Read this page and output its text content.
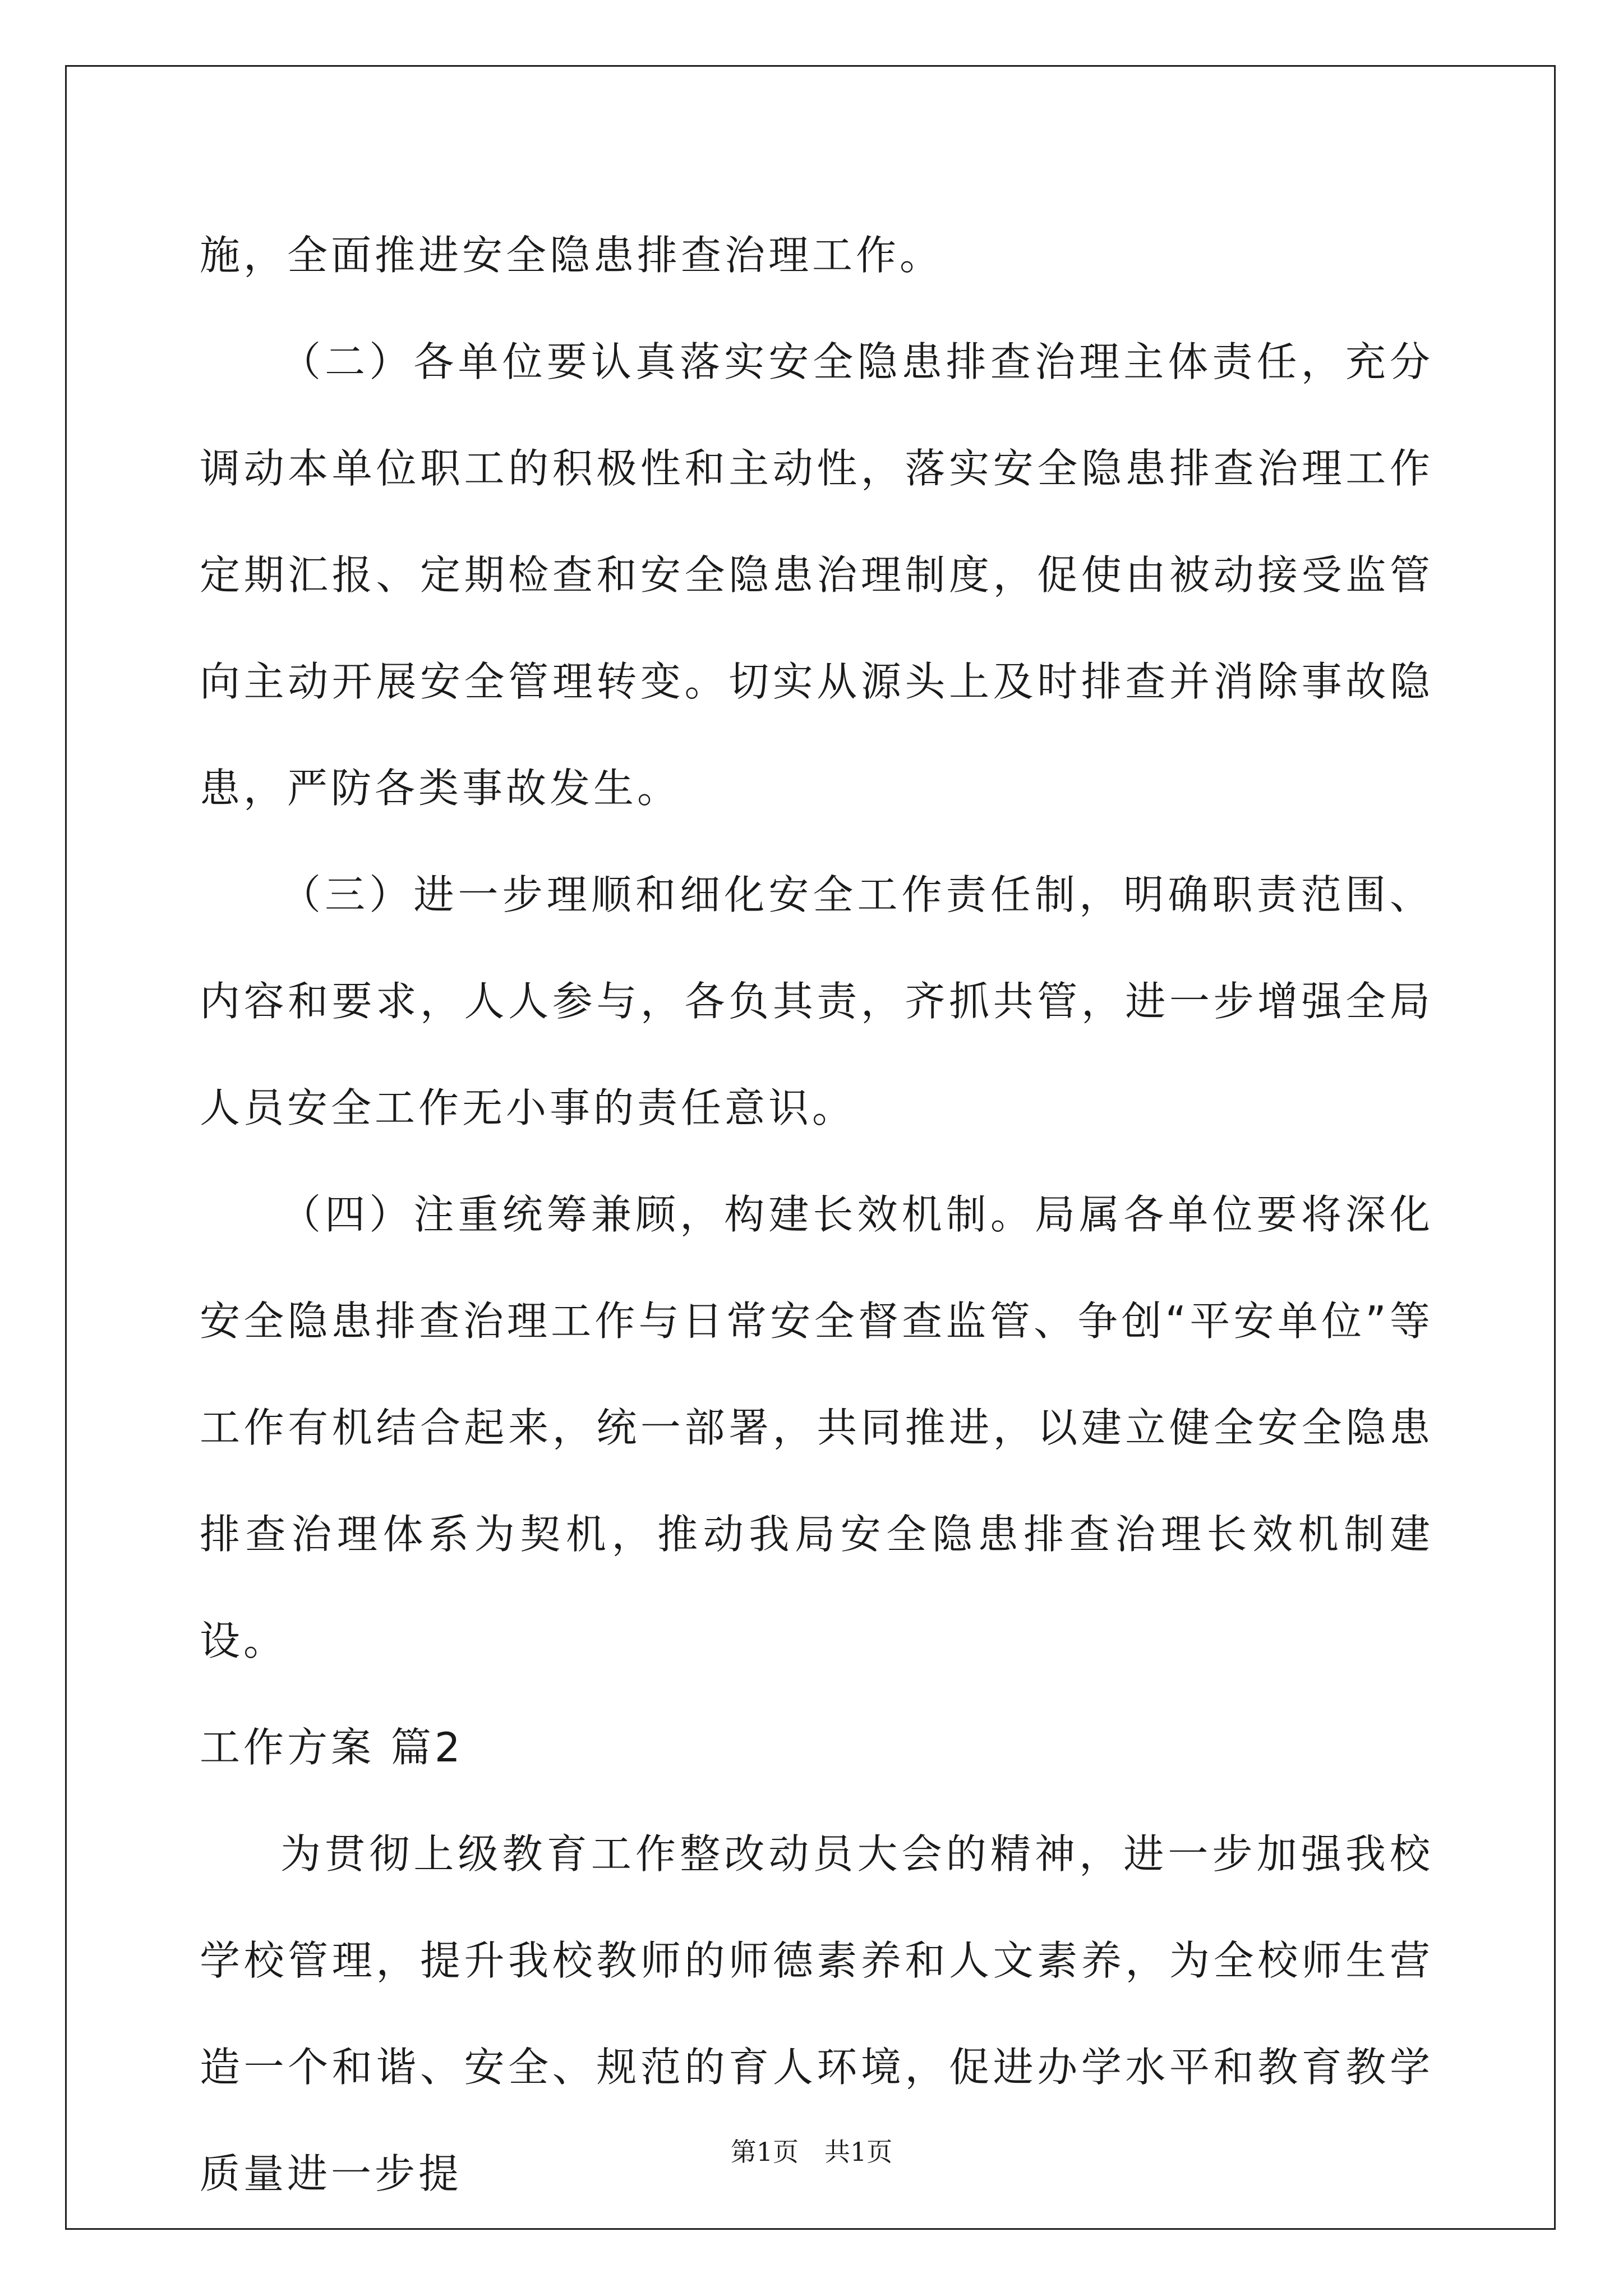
施，全面推进安全隐患排查治理工作。

（二）各单位要认真落实安全隐患排查治理主体责任，充分调动本单位职工的积极性和主动性，落实安全隐患排查治理工作定期汇报、定期检查和安全隐患治理制度，促使由被动接受监管向主动开展安全管理转变。切实从源头上及时排查并消除事故隐患，严防各类事故发生。

（三）进一步理顺和细化安全工作责任制，明确职责范围、内容和要求，人人参与，各负其责，齐抓共管，进一步增强全局人员安全工作无小事的责任意识。

（四）注重统筹兼顾，构建长效机制。局属各单位要将深化安全隐患排查治理工作与日常安全督查监管、争创“平安单位”等工作有机结合起来，统一部署，共同推进，以建立健全安全隐患排查治理体系为契机，推动我局安全隐患排查治理长效机制建设。

工作方案 篇2

为贯彻上级教育工作整改动员大会的精神，进一步加强我校学校管理，提升我校教师的师德素养和人文素养，为全校师生营造一个和谐、安全、规范的育人环境，促进办学水平和教育教学质量进一步提	第1页　共1页
